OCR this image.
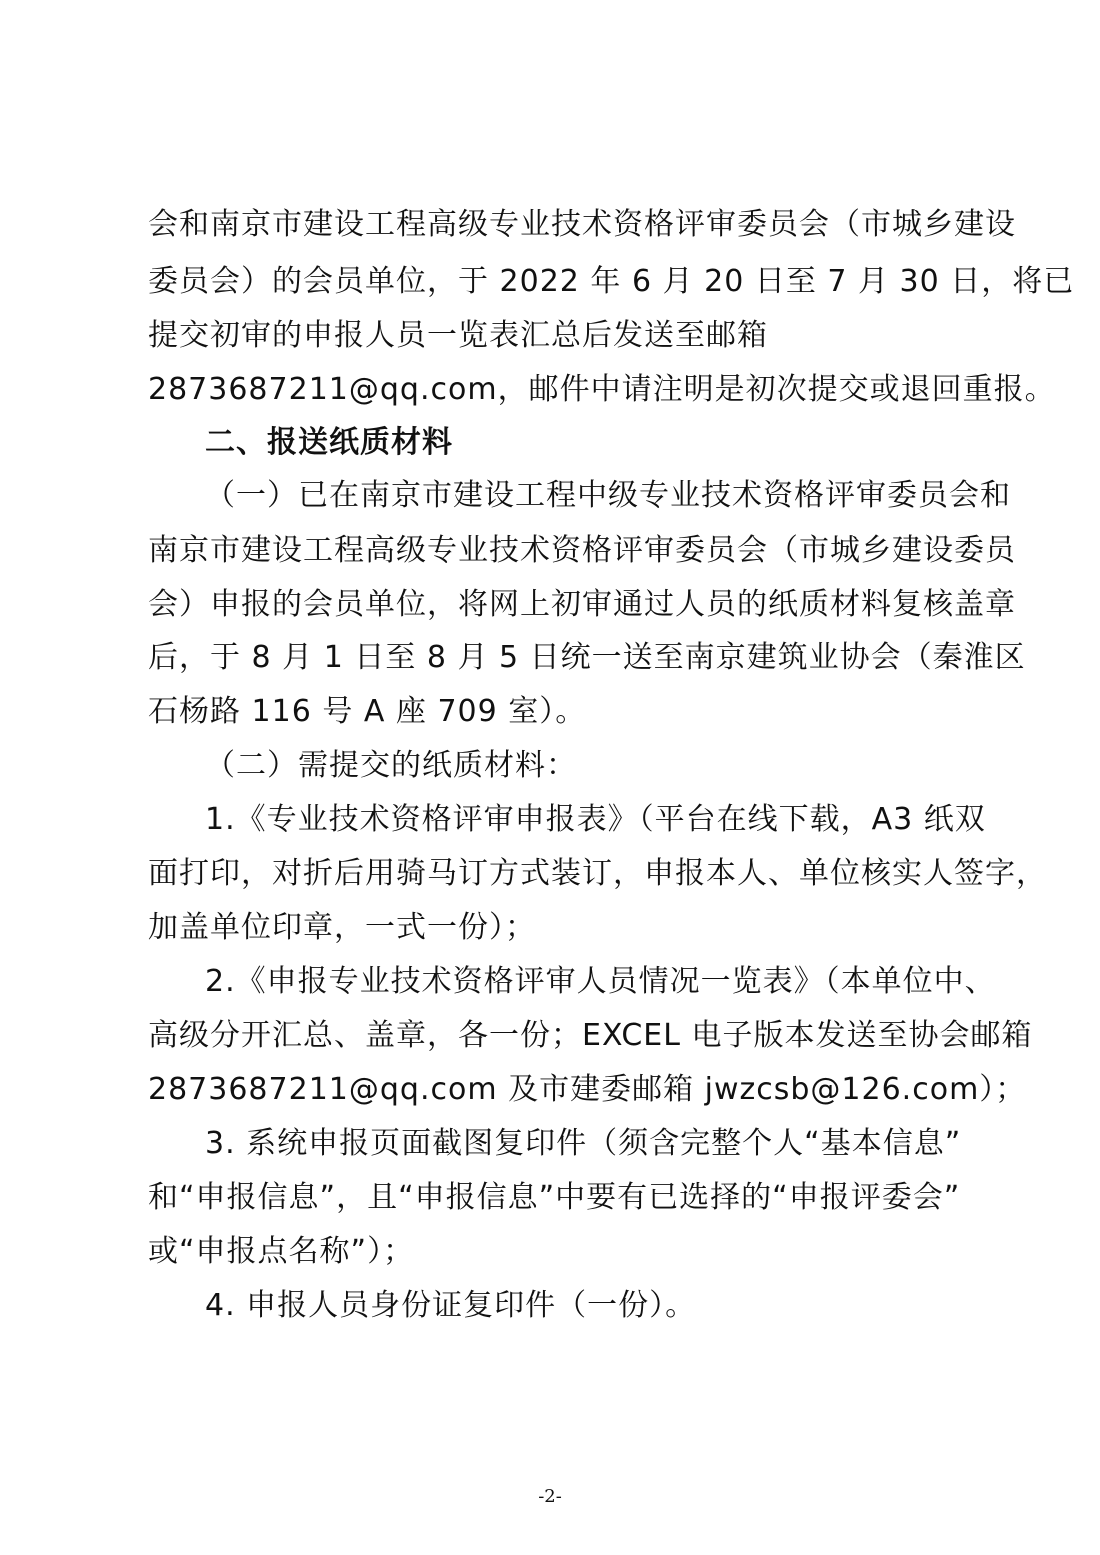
会和南京市建设工程高级专业技术资格评审委员会（市城乡建设
委员会）的会员单位，于 2022 年 6 月 20 日至 7 月 30 日，将已
提交初审的申报人员一览表汇总后发送至邮箱
2873687211@qq.com，邮件中请注明是初次提交或退回重报。
二、报送纸质材料
（一）已在南京市建设工程中级专业技术资格评审委员会和
南京市建设工程高级专业技术资格评审委员会（市城乡建设委员
会）申报的会员单位，将网上初审通过人员的纸质材料复核盖章
后，于 8 月 1 日至 8 月 5 日统一送至南京建筑业协会（秦淮区
石杨路 116 号 A 座 709 室）。
（二）需提交的纸质材料：
1.《专业技术资格评审申报表》（平台在线下载，A3 纸双
面打印，对折后用骑马订方式装订，申报本人、单位核实人签字，
加盖单位印章，一式一份）；
2.《申报专业技术资格评审人员情况一览表》（本单位中、
高级分开汇总、盖章，各一份；EXCEL 电子版本发送至协会邮箱
2873687211@qq.com 及市建委邮箱 jwzcsb@126.com）；
3. 系统申报页面截图复印件（须含完整个人“基本信息”
和“申报信息”，且“申报信息”中要有已选择的“申报评委会”
或“申报点名称”）；
4. 申报人员身份证复印件（一份）。
-2-
